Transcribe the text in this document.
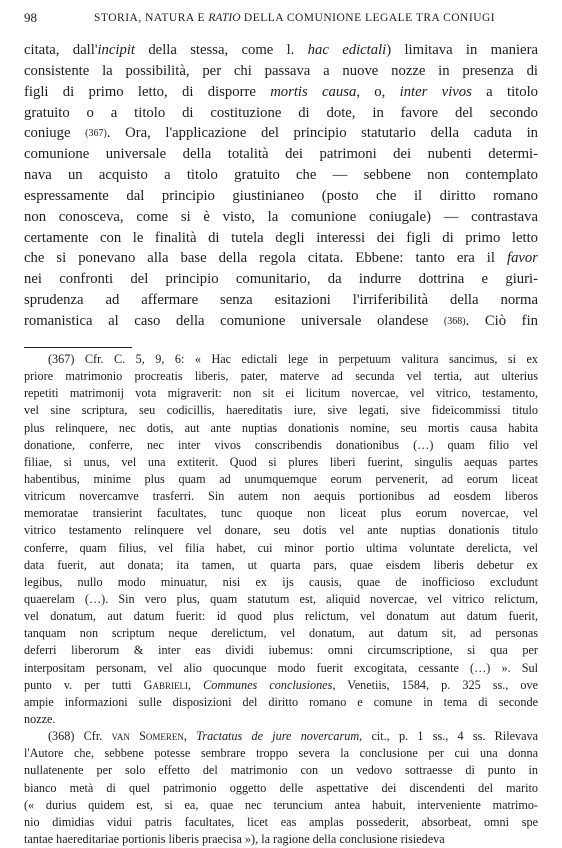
98	STORIA, NATURA E RATIO DELLA COMUNIONE LEGALE TRA CONIUGI
citata, dall'incipit della stessa, come l. hac edictali) limitava in maniera
consistente la possibilità, per chi passava a nuove nozze in presenza di
figli di primo letto, di disporre mortis causa, o, inter vivos a titolo
gratuito o a titolo di costituzione di dote, in favore del secondo
coniuge (367). Ora, l'applicazione del principio statutario della caduta in
comunione universale della totalità dei patrimoni dei nubenti determi-
nava un acquisto a titolo gratuito che — sebbene non contemplato
espressamente dal principio giustinianeo (posto che il diritto romano
non conosceva, come si è visto, la comunione coniugale) — contrastava
certamente con le finalità di tutela degli interessi dei figli di primo letto
che si ponevano alla base della regola citata. Ebbene: tanto era il favor
nei confronti del principio comunitario, da indurre dottrina e giuri-
sprudenza ad affermare senza esitazioni l'irriferibilità della norma
romanistica al caso della comunione universale olandese (368). Ciò fin
(367) Cfr. C. 5, 9, 6: « Hac edictali lege in perpetuum valitura sancimus, si ex
priore matrimonio procreatis liberis, pater, materve ad secunda vel tertia, aut ulterius
repetiti matrimonij vota migraverit: non sit ei licitum novercae, vel vitrico, testamento,
vel sine scriptura, seu codicillis, haereditatis iure, sive legati, sive fideicommissi titulo
plus relinquere, nec dotis, aut ante nuptias donationis nomine, seu mortis causa habita
donatione, conferre, nec inter vivos conscribendis donationibus (…) quam filio vel
filiae, si unus, vel una extiterit. Quod si plures liberi fuerint, singulis aequas partes
habentibus, minime plus quam ad unumquemque eorum pervenerit, ad eorum liceat
vitricum novercamve trasferri. Sin autem non aequis portionibus ad eosdem liberos
memoratae transierint facultates, tunc quoque non liceat plus eorum novercae, vel
vitrico testamento relinquere vel donare, seu dotis vel ante nuptias donationis titulo
conferre, quam filius, vel filia habet, cui minor portio ultima voluntate derelicta, vel
data fuerit, aut donata; ita tamen, ut quarta pars, quae eisdem liberis debetur ex
legibus, nullo modo minuatur, nisi ex ijs causis, quae de inofficioso excludunt
quaerelam (…). Sin vero plus, quam statutum est, aliquid novercae, vel vitrico relictum,
vel donatum, aut datum fuerit: id quod plus relictum, vel donatum aut datum fuerit,
tanquam non scriptum neque derelictum, vel donatum, aut datum sit, ad personas
deferri liberorum & inter eas dividi iubemus: omni circumscriptione, si qua per
interpositam personam, vel alio quocunque modo fuerit excogitata, cessante (…) ». Sul
punto v. per tutti Gabrieli, Communes conclusiones, Venetiis, 1584, p. 325 ss., ove
ampie informazioni sulle disposizioni del diritto romano e comune in tema di seconde
nozze.
(368) Cfr. van Someren, Tractatus de jure novercarum, cit., p. 1 ss., 4 ss. Rilevava
l'Autore che, sebbene potesse sembrare troppo severa la conclusione per cui una donna
nullatenente per solo effetto del matrimonio con un vedovo sottraesse di punto in
bianco metà di quel patrimonio oggetto delle aspettative dei discendenti del marito
(« durius quidem est, si ea, quae nec teruncium antea habuit, interveniente matrimo-
nio dimidias vidui patris facultates, licet eas amplas possederit, absorbeat, omni spe
tantae haereditariae portionis liberis praecisa »), la ragione della conclusione risiedeva
